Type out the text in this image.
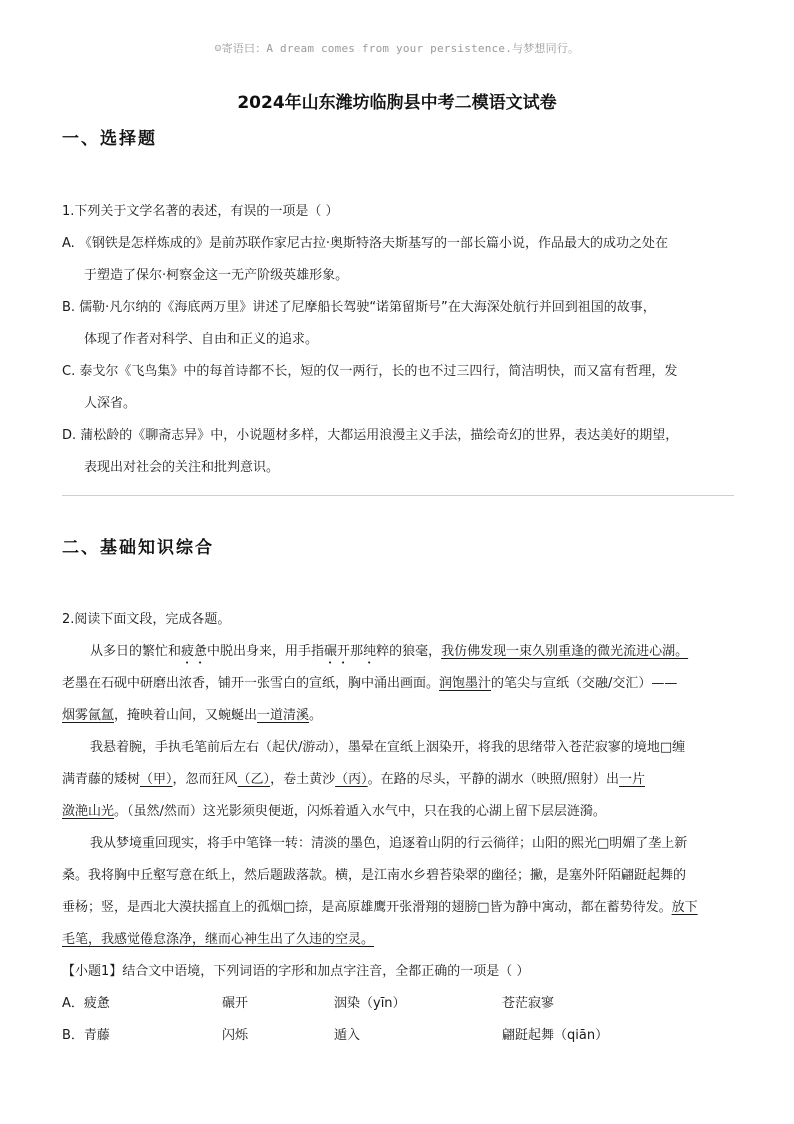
☺寄语曰：A dream comes from your persistence.与梦想同行。
2024年山东潍坊临朐县中考二模语文试卷
一、选择题
1.下列关于文学名著的表述，有误的一项是（ ）
A. 《钢铁是怎样炼成的》是前苏联作家尼古拉·奥斯特洛夫斯基写的一部长篇小说，作品最大的成功之处在
于塑造了保尔·柯察金这一无产阶级英雄形象。
B. 儒勒·凡尔纳的《海底两万里》讲述了尼摩船长驾驶“诺第留斯号”在大海深处航行并回到祖国的故事，
体现了作者对科学、自由和正义的追求。
C. 泰戈尔《飞鸟集》中的每首诗都不长，短的仅一两行，长的也不过三四行，简洁明快，而又富有哲理，发
人深省。
D. 蒲松龄的《聊斋志异》中，小说题材多样，大都运用浪漫主义手法，描绘奇幻的世界，表达美好的期望，
表现出对社会的关注和批判意识。
二、基础知识综合
2.阅读下面文段，完成各题。
从多日的繁忙和疲惫中脱出身来，用手指碾开那纯粹的狼毫，我仿佛发现一束久别重逢的微光流进心湖。
老墨在石砚中研磨出浓香，铺开一张雪白的宣纸，胸中涌出画面。润饱墨汁的笔尖与宣纸（交融/交汇）——
烟雾氤氲，掩映着山间，又蜿蜒出一道清溪。
我悬着腕，手执毛笔前后左右（起伏/游动），墨晕在宣纸上洇染开，将我的思绪带入苍茫寂寥的境地□缠
满青藤的矮树（甲），忽而狂风（乙），卷土黄沙（丙）。在路的尽头，平静的湖水（映照/照射）出一片
潋滟山光。（虽然/然而）这光影须臾便逝，闪烁着遁入水气中，只在我的心湖上留下层层涟漪。
我从梦境重回现实，将手中笔锋一转：清淡的墨色，追逐着山阴的行云徜徉；山阳的熙光□明媚了垄上新
桑。我将胸中丘壑写意在纸上，然后题跋落款。横，是江南水乡碧苔染翠的幽径；撇，是塞外阡陌翩跹起舞的
垂杨；竖，是西北大漠扶摇直上的孤烟□捺，是高原雄鹰开张滑翔的翅膀□皆为静中寓动，都在蓄势待发。放下
毛笔，我感觉倦怠涤净，继而心神生出了久违的空灵。
【小题1】结合文中语境，下列词语的字形和加点字注音，全都正确的一项是（ ）
A．疲惫	碾开	洇染（yīn）	苍茫寂寥
B．青藤	闪烁	遁入	翩跹起舞（qiān）
